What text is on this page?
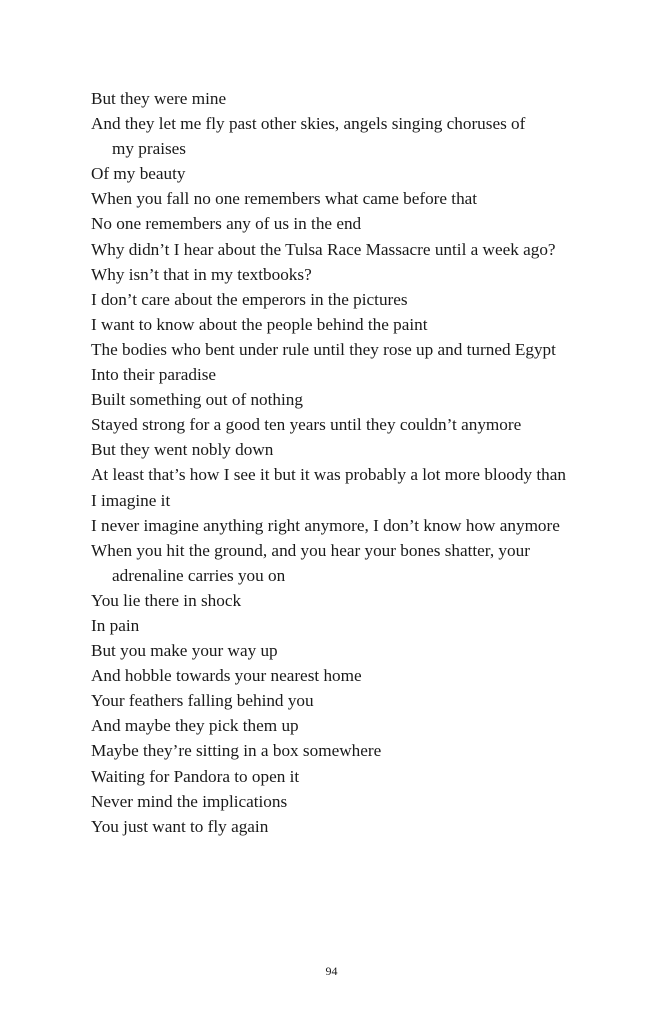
But they were mine
And they let me fly past other skies, angels singing choruses of
my praises
Of my beauty
When you fall no one remembers what came before that
No one remembers any of us in the end
Why didn’t I hear about the Tulsa Race Massacre until a week ago?
Why isn’t that in my textbooks?
I don’t care about the emperors in the pictures
I want to know about the people behind the paint
The bodies who bent under rule until they rose up and turned Egypt
Into their paradise
Built something out of nothing
Stayed strong for a good ten years until they couldn’t anymore
But they went nobly down
At least that’s how I see it but it was probably a lot more bloody than
I imagine it
I never imagine anything right anymore, I don’t know how anymore
When you hit the ground, and you hear your bones shatter, your
adrenaline carries you on
You lie there in shock
In pain
But you make your way up
And hobble towards your nearest home
Your feathers falling behind you
And maybe they pick them up
Maybe they’re sitting in a box somewhere
Waiting for Pandora to open it
Never mind the implications
You just want to fly again
94
